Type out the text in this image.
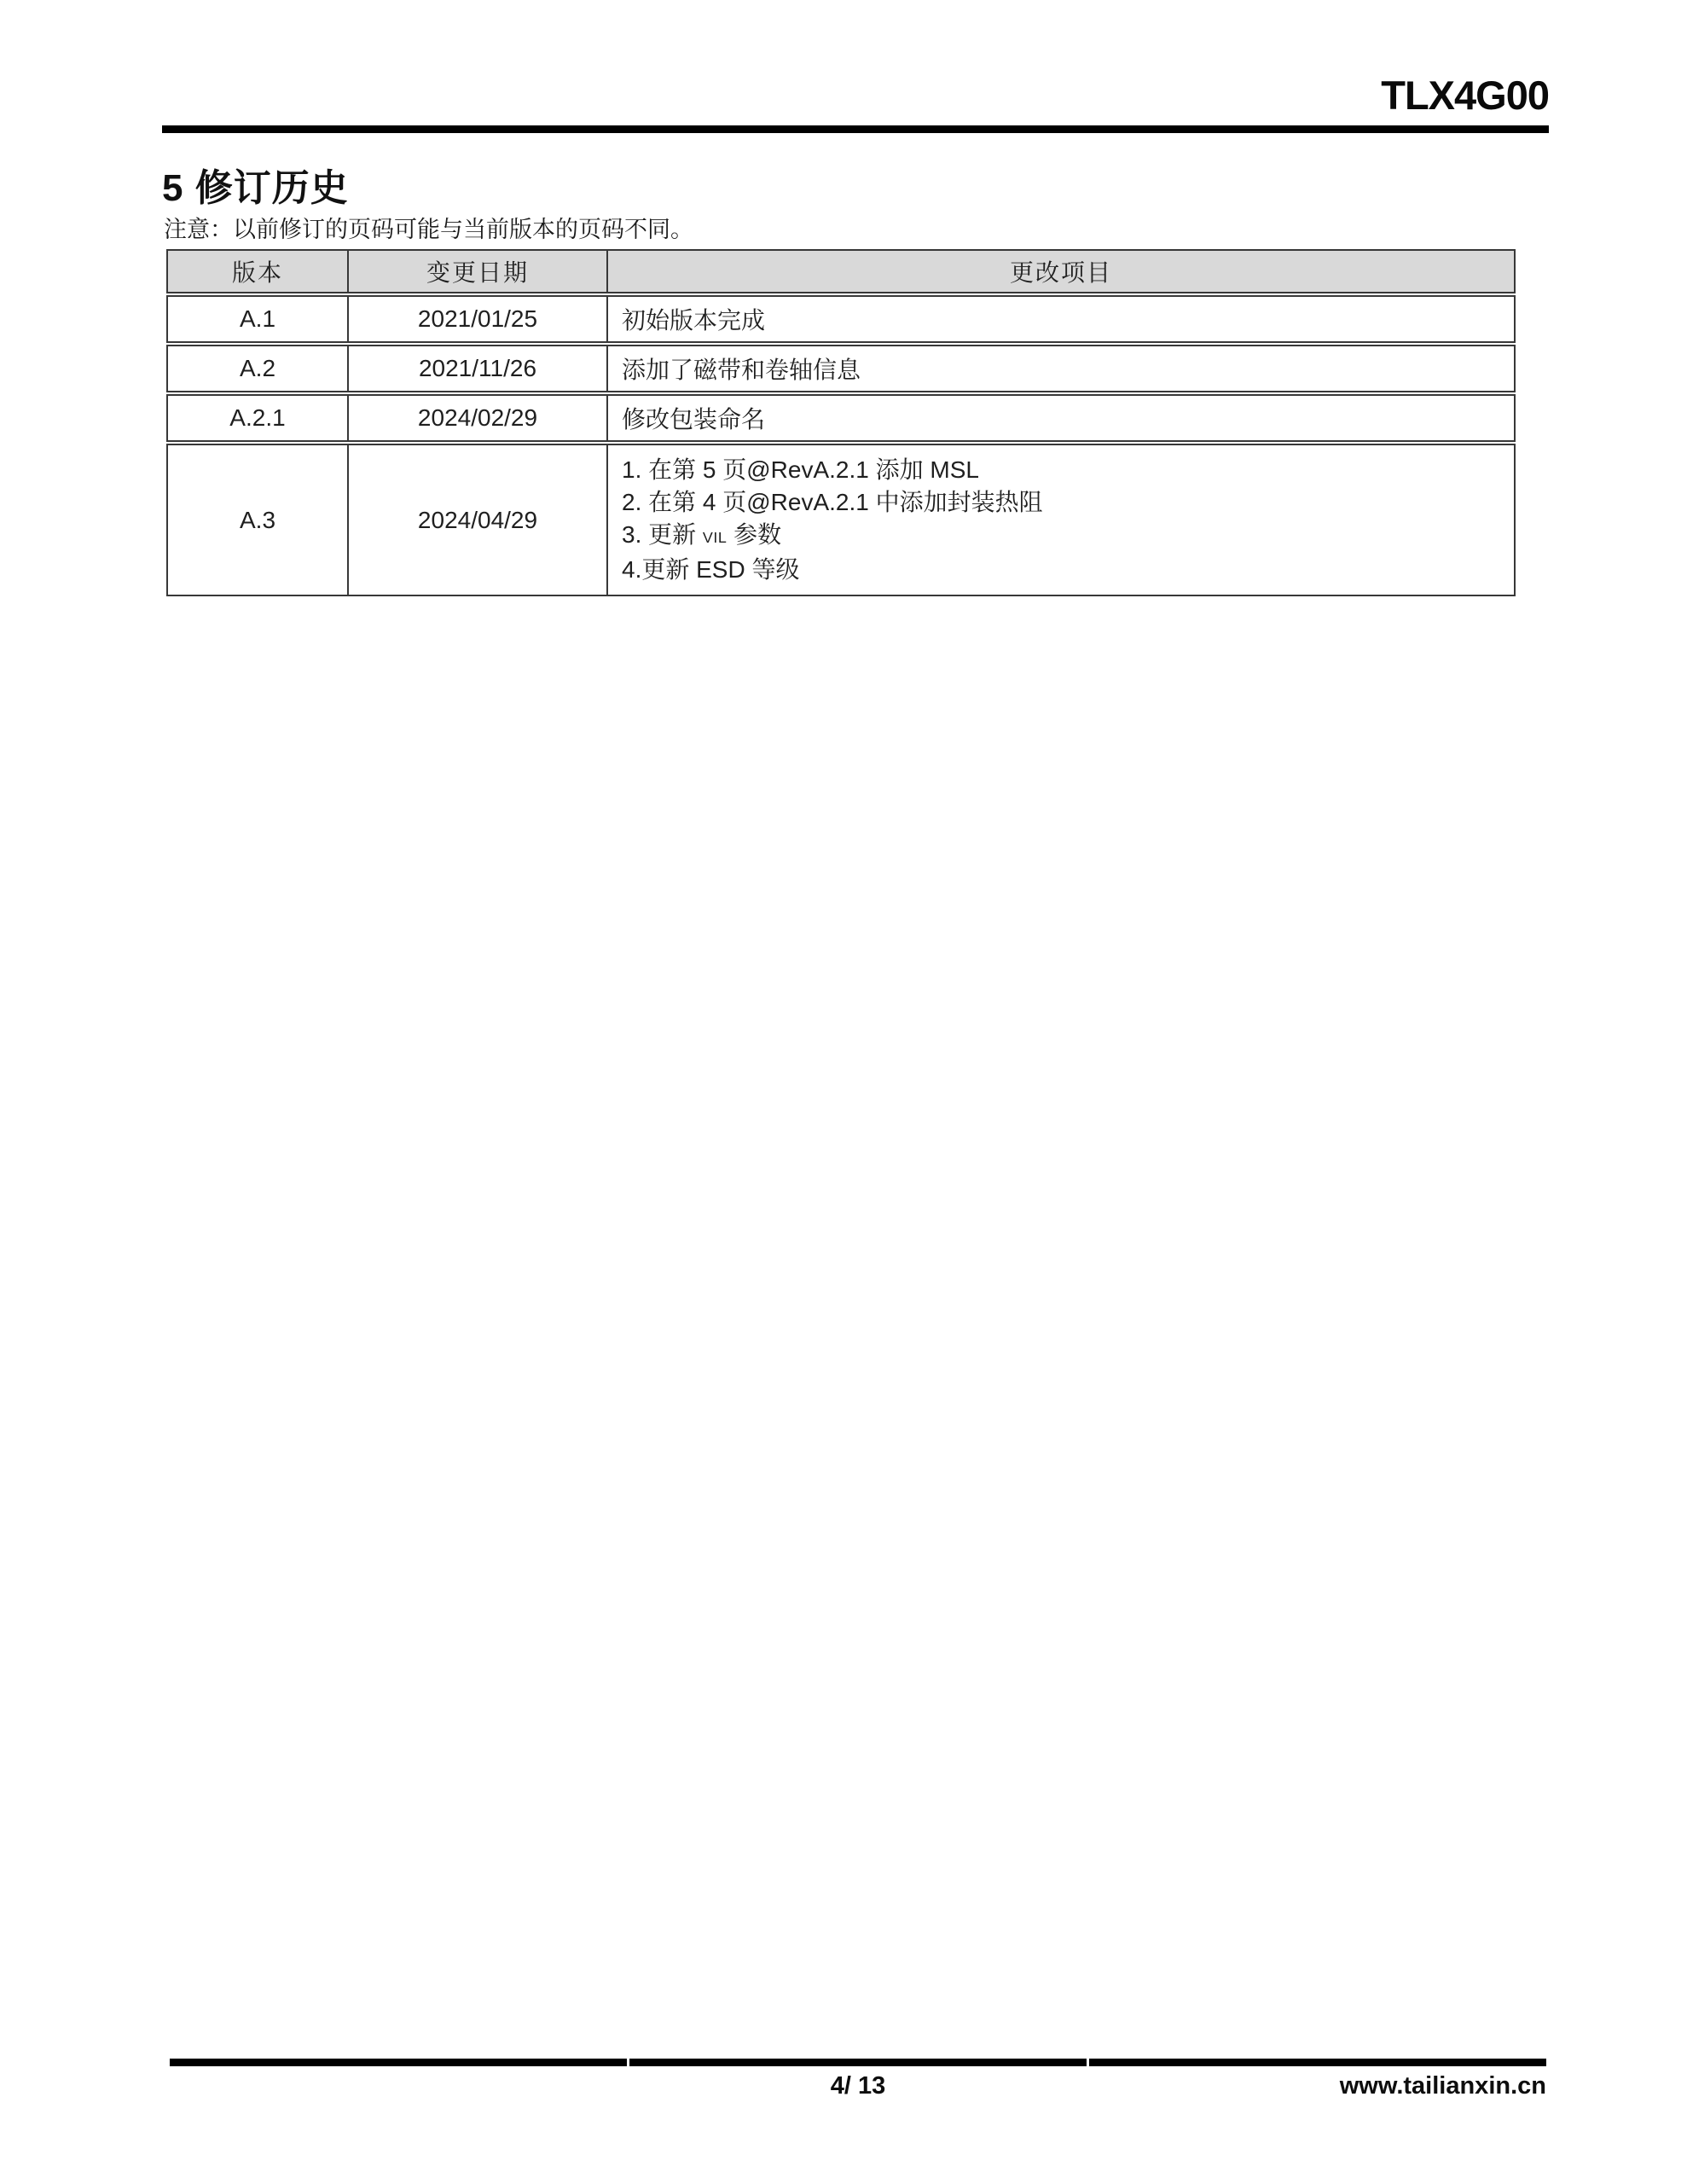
TLX4G00
5 修订历史
注意：以前修订的页码可能与当前版本的页码不同。
版本	变更日期	更改项目
A.1	2021/01/25	初始版本完成

A.2	2021/11/26	添加了磁带和卷轴信息

A.2.1	2024/02/29	修改包装命名

A.3	2024/04/29	1. 在第 5 页@RevA.2.1 添加 MSL
2. 在第 4 页@RevA.2.1 中添加封装热阻
3. 更新 VIL 参数
4.更新 ESD 等级
4/ 13	www.tailianxin.cn
